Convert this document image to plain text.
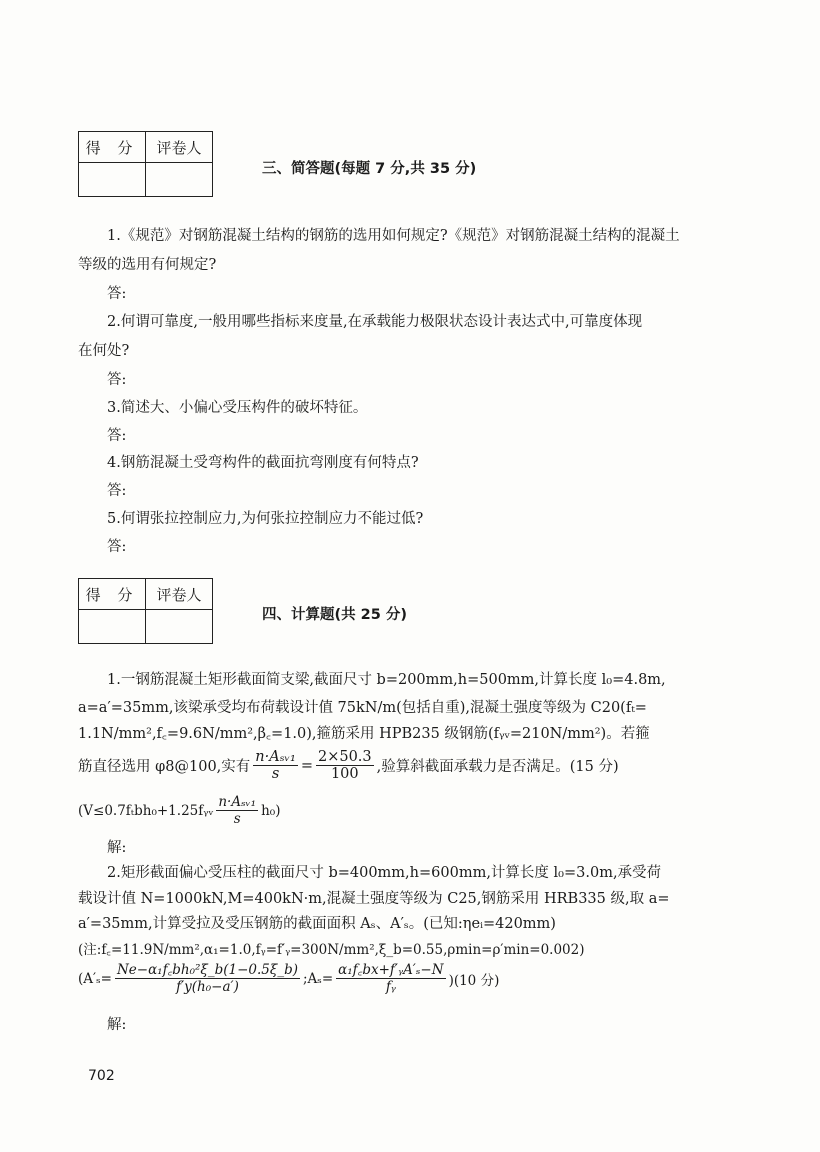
得 分	评卷人

三、简答题(每题 7 分,共 35 分)
1.《规范》对钢筋混凝土结构的钢筋的选用如何规定?《规范》对钢筋混凝土结构的混凝土
等级的选用有何规定?
答:
2.何谓可靠度,一般用哪些指标来度量,在承载能力极限状态设计表达式中,可靠度体现
在何处?
答:
3.简述大、小偏心受压构件的破坏特征。
答:
4.钢筋混凝土受弯构件的截面抗弯刚度有何特点?
答:
5.何谓张拉控制应力,为何张拉控制应力不能过低?
答:
得 分	评卷人

四、计算题(共 25 分)
1.一钢筋混凝土矩形截面简支梁,截面尺寸 b=200mm,h=500mm,计算长度 l₀=4.8m,
a=a′=35mm,该梁承受均布荷载设计值 75kN/m(包括自重),混凝土强度等级为 C20(fₜ=
1.1N/mm²,f꜀=9.6N/mm²,β꜀=1.0),箍筋采用 HPB235 级钢筋(fᵧᵥ=210N/mm²)。若箍
筋直径选用 φ8@100,实有 $\frac{\text{n·Aₛᵥ₁}}{s} = \frac{2\times 50.3}{100}$ ,验算斜截面承载力是否满足。(15 分)
(V≤0.7fₜbh₀+1.25fᵧᵥ $\frac{\text{n·Aₛᵥ₁}}{s} h_0$)
解:
2.矩形截面偏心受压柱的截面尺寸 b=400mm,h=600mm,计算长度 l₀=3.0m,承受荷
载设计值 N=1000kN,M=400kN·m,混凝土强度等级为 C25,钢筋采用 HRB335 级,取 a=
a′=35mm,计算受拉及受压钢筋的截面面积 Aₛ、A′ₛ。(已知:ηeᵢ=420mm)
(注:f꜀=11.9N/mm²,α₁=1.0,fᵧ=f′ᵧ=300N/mm²,ξ_b=0.55,ρmin=ρ′min=0.002)
($A'_s= \frac{\text{Ne−α₁f꜀bh₀²ξ\_b(1−0.5ξ\_b)}}{\text{f′y(h₀−a′)}}$ ;Aₛ= $\frac{\text{α₁f꜀bx+f′ᵧA′ₛ−N}}{\text{fᵧ}} )(10$ 分)
解:
702
